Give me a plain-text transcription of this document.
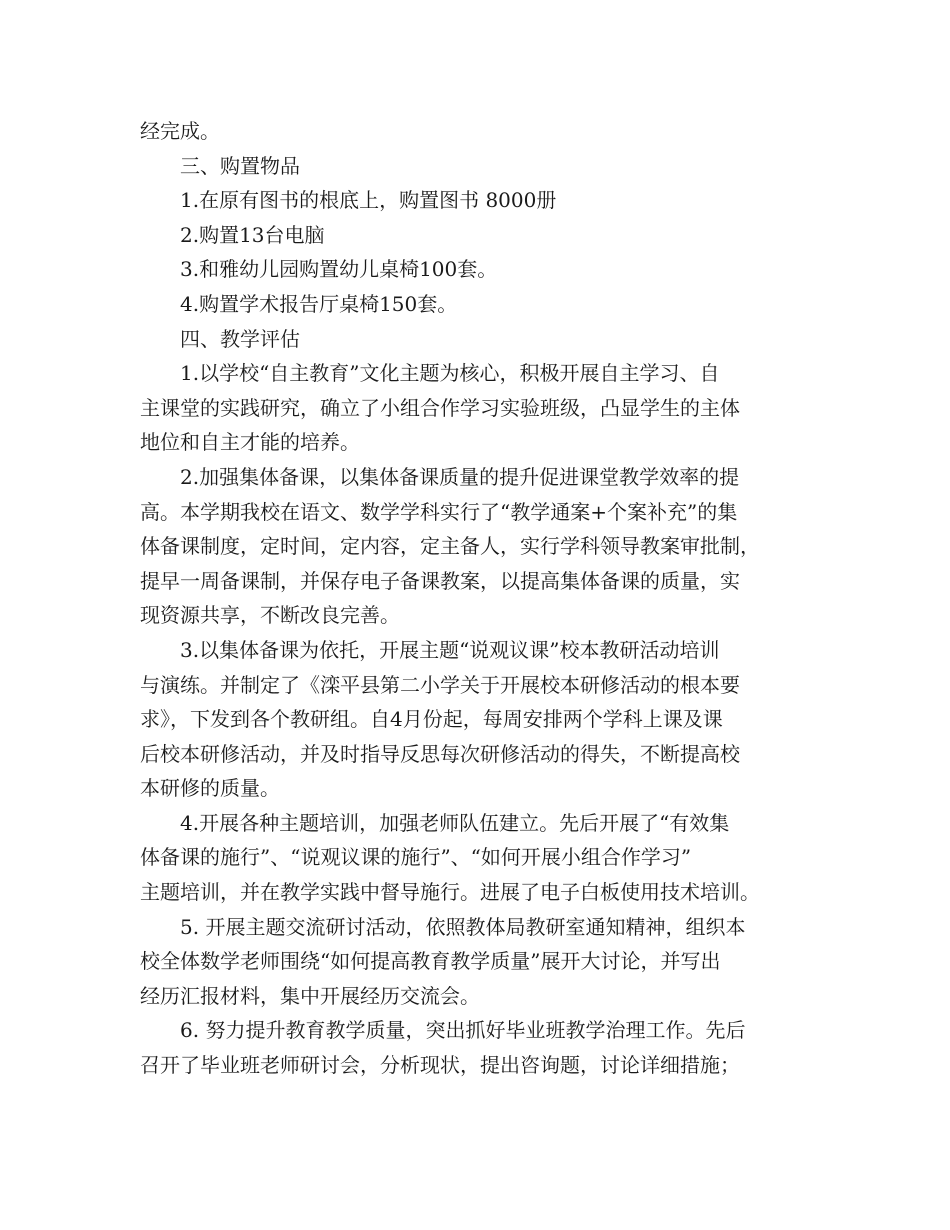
经完成。

三、购置物品

1.在原有图书的根底上，购置图书 8000册

2.购置13台电脑

3.和雅幼儿园购置幼儿桌椅100套。

4.购置学术报告厅桌椅150套。

四、教学评估

1.以学校“自主教育”文化主题为核心，积极开展自主学习、自

主课堂的实践研究，确立了小组合作学习实验班级，凸显学生的主体

地位和自主才能的培养。

2.加强集体备课，以集体备课质量的提升促进课堂教学效率的提

高。本学期我校在语文、数学学科实行了“教学通案+个案补充”的集

体备课制度，定时间，定内容，定主备人，实行学科领导教案审批制，

提早一周备课制，并保存电子备课教案，以提高集体备课的质量，实

现资源共享，不断改良完善。

3.以集体备课为依托，开展主题“说观议课”校本教研活动培训

与演练。并制定了《滦平县第二小学关于开展校本研修活动的根本要

求》，下发到各个教研组。自4月份起，每周安排两个学科上课及课

后校本研修活动，并及时指导反思每次研修活动的得失，不断提高校

本研修的质量。

4.开展各种主题培训，加强老师队伍建立。先后开展了“有效集

体备课的施行”、“说观议课的施行”、“如何开展小组合作学习”

主题培训，并在教学实践中督导施行。进展了电子白板使用技术培训。

5. 开展主题交流研讨活动，依照教体局教研室通知精神，组织本

校全体数学老师围绕“如何提高教育教学质量”展开大讨论，并写出

经历汇报材料，集中开展经历交流会。

6. 努力提升教育教学质量，突出抓好毕业班教学治理工作。先后

召开了毕业班老师研讨会，分析现状，提出咨询题，讨论详细措施；
